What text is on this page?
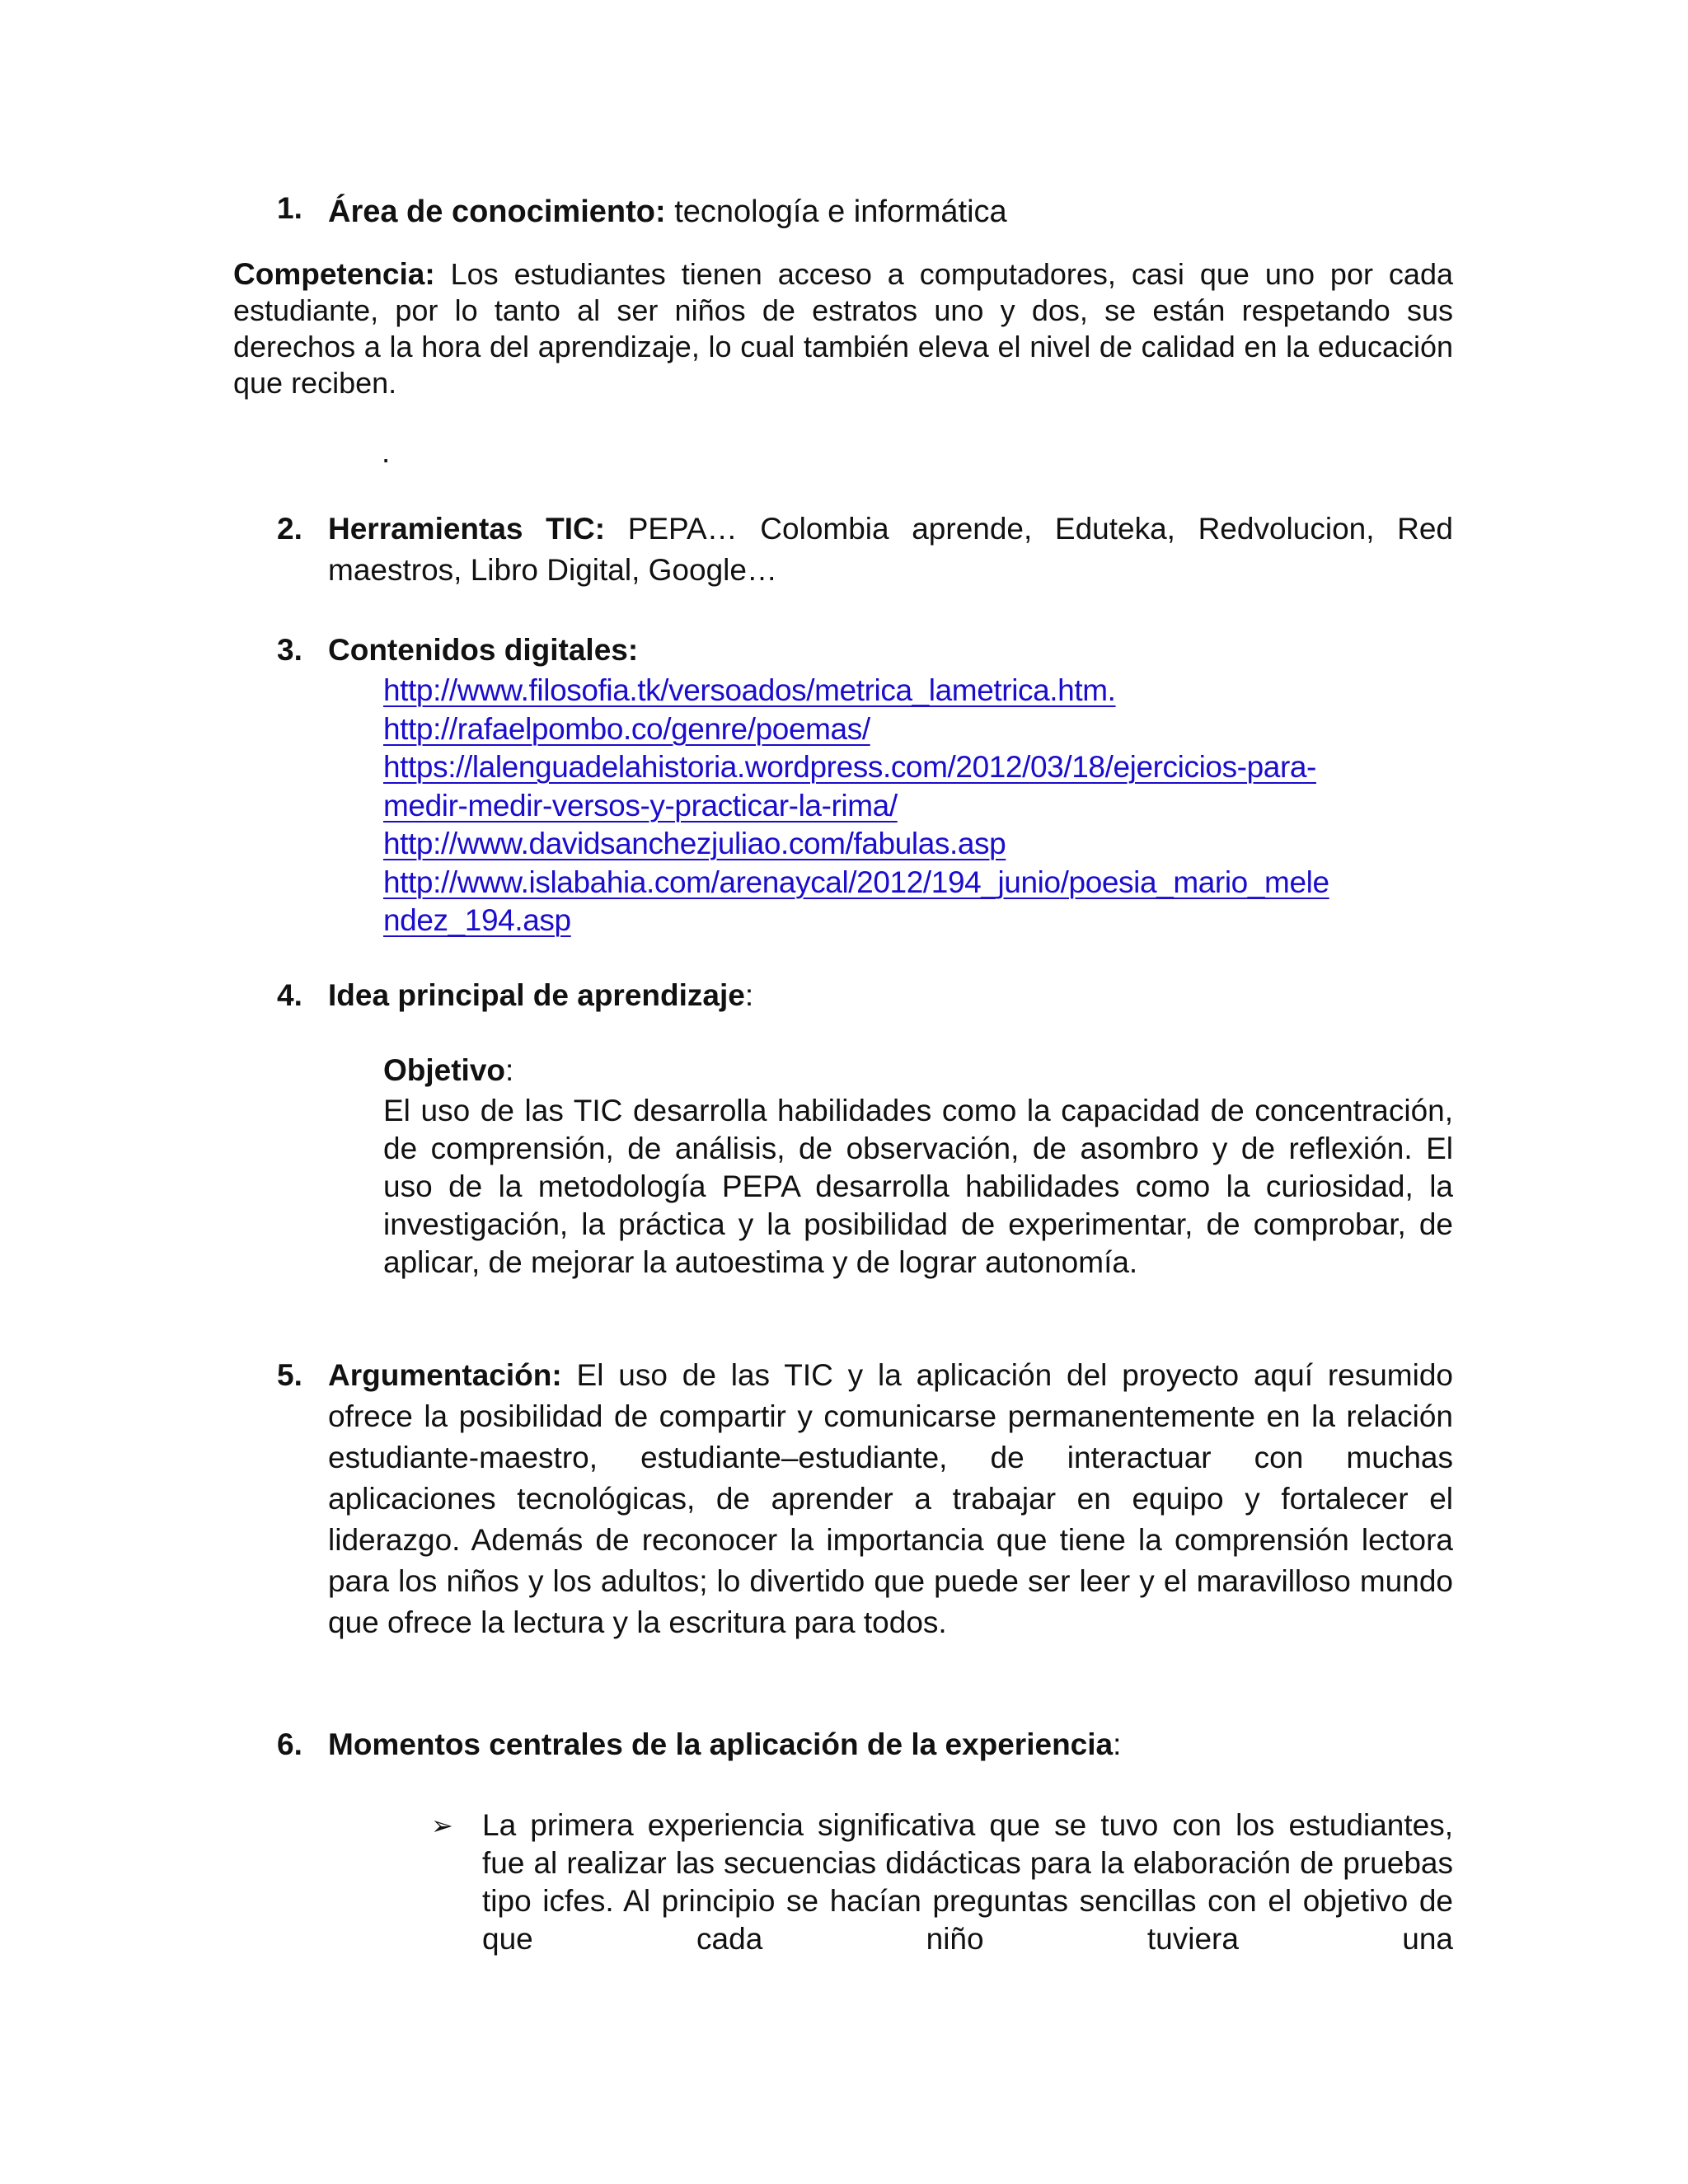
1. Área de conocimiento: tecnología e informática

Competencia: Los estudiantes tienen acceso a computadores, casi que uno por cada estudiante, por lo tanto al ser niños de estratos uno y dos, se están respetando sus derechos a la hora del aprendizaje, lo cual también eleva el nivel de calidad en la educación que reciben.

.
2. Herramientas TIC: PEPA… Colombia aprende, Eduteka, Redvolucion, Red maestros, Libro Digital, Google…

3. Contenidos digitales:

http://www.filosofia.tk/versoados/metrica_lametrica.htm.
http://rafaelpombo.co/genre/poemas/
https://lalenguadelahistoria.wordpress.com/2012/03/18/ejercicios-para-
medir-medir-versos-y-practicar-la-rima/
http://www.davidsanchezjuliao.com/fabulas.asp
http://www.islabahia.com/arenaycal/2012/194_junio/poesia_mario_mele
ndez_194.asp
4. Idea principal de aprendizaje:

Objetivo:

El uso de las TIC desarrolla habilidades como la capacidad de concentración, de comprensión, de análisis, de observación, de asombro y de reflexión. El uso de la metodología PEPA desarrolla habilidades como la curiosidad, la investigación, la práctica y la posibilidad de experimentar, de comprobar, de aplicar, de mejorar la autoestima y de lograr autonomía.

5. Argumentación: El uso de las TIC y la aplicación del proyecto aquí resumido ofrece la posibilidad de compartir y comunicarse permanentemente en la relación estudiante-maestro, estudiante–estudiante, de interactuar con muchas aplicaciones tecnológicas, de aprender a trabajar en equipo y fortalecer el liderazgo. Además de reconocer la importancia que tiene la comprensión lectora para los niños y los adultos; lo divertido que puede ser leer y el maravilloso mundo que ofrece la lectura y la escritura para todos.

6. Momentos centrales de la aplicación de la experiencia:

➢ La primera experiencia significativa que se tuvo con los estudiantes, fue al realizar las secuencias didácticas para la elaboración de pruebas tipo icfes. Al principio se hacían preguntas sencillas con el objetivo de que cada niño tuviera una
